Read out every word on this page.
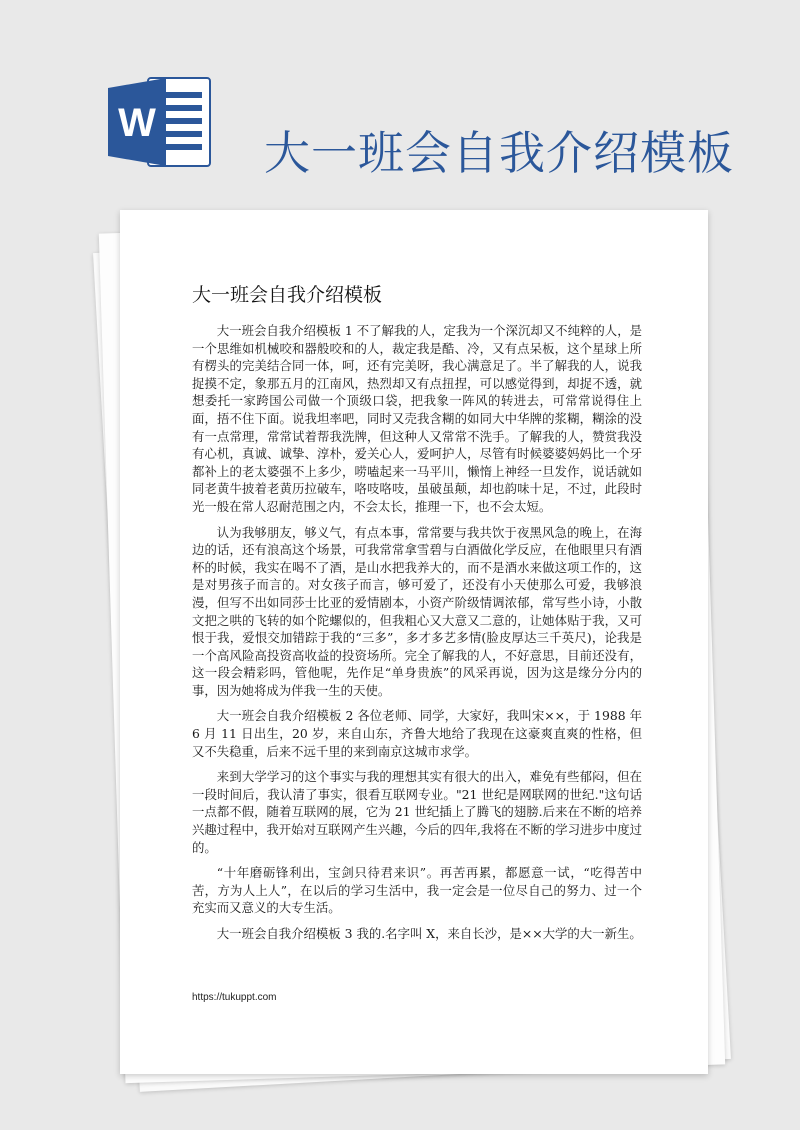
W
大一班会自我介绍模板
大一班会自我介绍模板

大一班会自我介绍模板 1 不了解我的人，定我为一个深沉却又不纯粹的人，是一个思维如机械咬和器般咬和的人，裁定我是酷、冷，又有点呆板，这个星球上所有楞头的完美结合同一体，呵，还有完美呀，我心满意足了。半了解我的人，说我捉摸不定，象那五月的江南风，热烈却又有点扭捏，可以感觉得到，却捉不透，就想委托一家跨国公司做一个顶级口袋，把我象一阵风的转进去，可常常说得住上面，捂不住下面。说我坦率吧，同时又売我含糊的如同大中华牌的浆糊，糊涂的没有一点常理，常常试着帮我洗牌，但这种人又常常不洗手。了解我的人，赞赏我没有心机，真诚、诚挚、淳朴，爱关心人，爱呵护人，尽管有时候婆婆妈妈比一个牙都补上的老太婆强不上多少，唠嗑起来一马平川，懒惰上神经一旦发作，说话就如同老黄牛披着老黄历拉破车，咯吱咯吱，虽破虽颠，却也韵味十足，不过，此段时光一般在常人忍耐范围之内，不会太长，推理一下，也不会太短。

认为我够朋友，够义气，有点本事，常常要与我共饮于夜黑风急的晚上，在海边的话，还有浪高这个场景，可我常常拿雪碧与白酒做化学反应，在他眼里只有酒杯的时候，我实在喝不了酒，是山水把我养大的，而不是酒水来做这项工作的，这是对男孩子而言的。对女孩子而言，够可爱了，还没有小天使那么可爱，我够浪漫，但写不出如同莎士比亚的爱情剧本，小资产阶级情调浓郁，常写些小诗，小散文把之哄的飞转的如个陀螺似的，但我粗心又大意又二意的，让她体贴于我，又可恨于我，爱恨交加错踪于我的“三多”，多才多艺多情(脸皮厚达三千英尺)，论我是一个高风险高投资高收益的投资场所。完全了解我的人，不好意思，目前还没有，这一段会精彩吗，管他呢，先作足“单身贵族”的风采再说，因为这是缘分分内的事，因为她将成为伴我一生的天使。

大一班会自我介绍模板 2 各位老师、同学，大家好，我叫宋××，于 1988 年 6 月 11 日出生，20 岁，来自山东，齐鲁大地给了我现在这豪爽直爽的性格，但又不失稳重，后来不远千里的来到南京这城市求学。

来到大学学习的这个事实与我的理想其实有很大的出入，难免有些郁闷，但在一段时间后，我认清了事实，很看互联网专业。"21 世纪是网联网的世纪."这句话一点都不假，随着互联网的展，它为 21 世纪插上了腾飞的翅膀.后来在不断的培养兴趣过程中，我开始对互联网产生兴趣，今后的四年,我将在不断的学习进步中度过的。

“十年磨砺锋利出，宝剑只待君来识”。再苦再累，都愿意一试，“吃得苦中苦，方为人上人”，在以后的学习生活中，我一定会是一位尽自己的努力、过一个充实而又意义的大专生活。

大一班会自我介绍模板 3 我的.名字叫 X，来自长沙，是××大学的大一新生。

https://tukuppt.com
